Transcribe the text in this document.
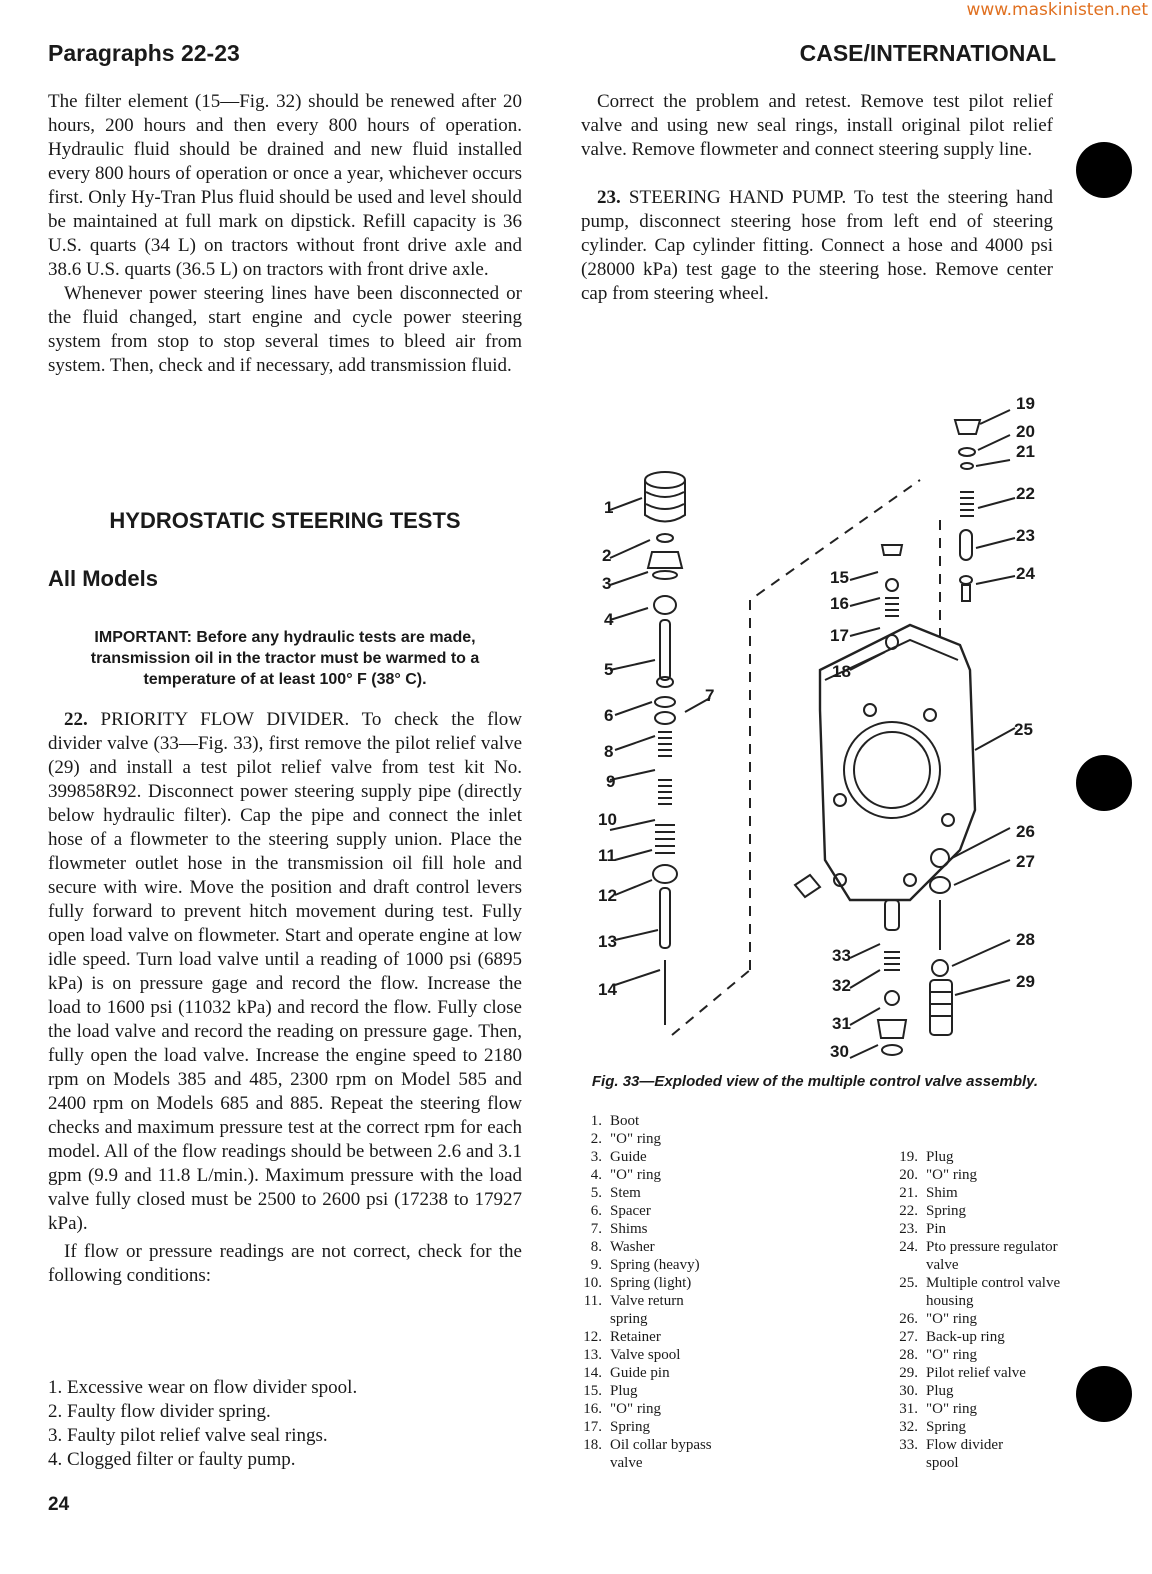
www.maskinisten.net
Paragraphs 22-23	CASE/INTERNATIONAL

The filter element (15—Fig. 32) should be renewed after 20 hours, 200 hours and then every 800 hours of operation. Hydraulic fluid should be drained and new fluid installed every 800 hours of operation or once a year, whichever occurs first. Only Hy-Tran Plus fluid should be used and level should be maintained at full mark on dipstick. Refill capacity is 36 U.S. quarts (34 L) on tractors without front drive axle and 38.6 U.S. quarts (36.5 L) on tractors with front drive axle.

Whenever power steering lines have been disconnected or the fluid changed, start engine and cycle power steering system from stop to stop several times to bleed air from system. Then, check and if necessary, add transmission fluid.

HYDROSTATIC STEERING TESTS
All Models
IMPORTANT: Before any hydraulic tests are made, transmission oil in the tractor must be warmed to a temperature of at least 100° F (38° C).

22. PRIORITY FLOW DIVIDER. To check the flow divider valve (33—Fig. 33), first remove the pilot relief valve (29) and install a test pilot relief valve from test kit No. 399858R92. Disconnect power steering supply pipe (directly below hydraulic filter). Cap the pipe and connect the inlet hose of a flowmeter to the steering supply union. Place the flowmeter outlet hose in the transmission oil fill hole and secure with wire. Move the position and draft control levers fully forward to prevent hitch movement during test. Fully open load valve on flowmeter. Start and operate engine at low idle speed. Turn load valve until a reading of 1000 psi (6895 kPa) is on pressure gage and record the flow. Increase the load to 1600 psi (11032 kPa) and record the flow. Fully close the load valve and record the reading on pressure gage. Then, fully open the load valve. Increase the engine speed to 2180 rpm on Models 385 and 485, 2300 rpm on Model 585 and 2400 rpm on Models 685 and 885. Repeat the steering flow checks and maximum pressure test at the correct rpm for each model. All of the flow readings should be between 2.6 and 3.1 gpm (9.9 and 11.8 L/min.). Maximum pressure with the load valve fully closed must be 2500 to 2600 psi (17238 to 17927 kPa).

If flow or pressure readings are not correct, check for the following conditions:

1. Excessive wear on flow divider spool.
2. Faulty flow divider spring.
3. Faulty pilot relief valve seal rings.
4. Clogged filter or faulty pump.
24

Correct the problem and retest. Remove test pilot relief valve and using new seal rings, install original pilot relief valve. Remove flowmeter and connect steering supply line.

23. STEERING HAND PUMP. To test the steering hand pump, disconnect steering hose from left end of steering cylinder. Cap cylinder fitting. Connect a hose and 4000 psi (28000 kPa) test gage to the steering hose. Remove center cap from steering wheel.

1
2
3
4
5
6
7
8
9
10
11
12
13
14
15
16
17
18
19
20
21
22
23
24
25
26
27
28
29
30
31
32
33
Fig. 33—Exploded view of the multiple control valve assembly.
1. Boot
2. "O" ring
3. Guide
4. "O" ring
5. Stem
6. Spacer
7. Shims
8. Washer
9. Spring (heavy)
10. Spring (light)
11. Valve return spring
12. Retainer
13. Valve spool
14. Guide pin
15. Plug
16. "O" ring
17. Spring
18. Oil collar bypass valve
19. Plug
20. "O" ring
21. Shim
22. Spring
23. Pin
24. Pto pressure regulator valve
25. Multiple control valve housing
26. "O" ring
27. Back-up ring
28. "O" ring
29. Pilot relief valve
30. Plug
31. "O" ring
32. Spring
33. Flow divider spool
